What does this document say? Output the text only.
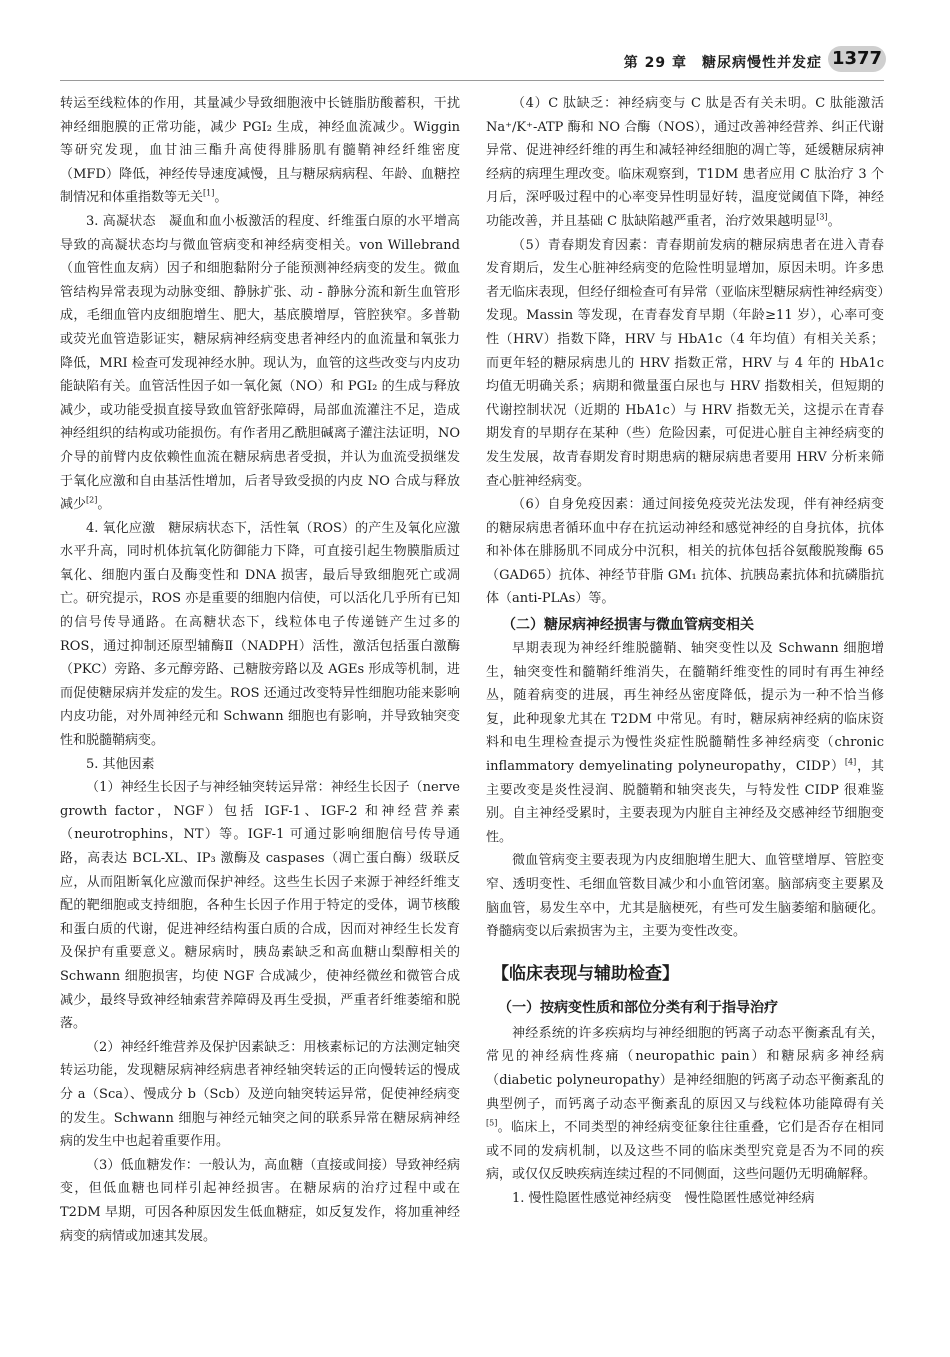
第 29 章　糖尿病慢性并发症 1377

转运至线粒体的作用，其量减少导致细胞液中长链脂肪酸蓄积，干扰神经细胞膜的正常功能，减少 PGI₂ 生成，神经血流减少。Wiggin 等研究发现，血甘油三酯升高使得腓肠肌有髓鞘神经纤维密度（MFD）降低，神经传导速度减慢，且与糖尿病病程、年龄、血糖控制情况和体重指数等无关[1]。

3. 高凝状态　凝血和血小板激活的程度、纤维蛋白原的水平增高导致的高凝状态均与微血管病变和神经病变相关。von Willebrand（血管性血友病）因子和细胞黏附分子能预测神经病变的发生。微血管结构异常表现为动脉变细、静脉扩张、动 - 静脉分流和新生血管形成，毛细血管内皮细胞增生、肥大，基底膜增厚，管腔狭窄。多普勒或荧光血管造影证实，糖尿病神经病变患者神经内的血流量和氧张力降低，MRI 检查可发现神经水肿。现认为，血管的这些改变与内皮功能缺陷有关。血管活性因子如一氧化氮（NO）和 PGI₂ 的生成与释放减少，或功能受损直接导致血管舒张障碍，局部血流灌注不足，造成神经组织的结构或功能损伤。有作者用乙酰胆碱离子灌注法证明，NO 介导的前臂内皮依赖性血流在糖尿病患者受损，并认为血流受损继发于氧化应激和自由基活性增加，后者导致受损的内皮 NO 合成与释放减少[2]。

4. 氧化应激　糖尿病状态下，活性氧（ROS）的产生及氧化应激水平升高，同时机体抗氧化防御能力下降，可直接引起生物膜脂质过氧化、细胞内蛋白及酶变性和 DNA 损害，最后导致细胞死亡或凋亡。研究提示，ROS 亦是重要的细胞内信使，可以活化几乎所有已知的信号传导通路。在高糖状态下，线粒体电子传递链产生过多的 ROS，通过抑制还原型辅酶Ⅱ（NADPH）活性，激活包括蛋白激酶（PKC）旁路、多元醇旁路、己糖胺旁路以及 AGEs 形成等机制，进而促使糖尿病并发症的发生。ROS 还通过改变特异性细胞功能来影响内皮功能，对外周神经元和 Schwann 细胞也有影响，并导致轴突变性和脱髓鞘病变。

5. 其他因素

（1）神经生长因子与神经轴突转运异常：神经生长因子（nerve growth factor，NGF）包括 IGF-1、IGF-2 和神经营养素（neurotrophins，NT）等。IGF-1 可通过影响细胞信号传导通路，高表达 BCL-XL、IP₃ 激酶及 caspases（凋亡蛋白酶）级联反应，从而阻断氧化应激而保护神经。这些生长因子来源于神经纤维支配的靶细胞或支持细胞，各种生长因子作用于特定的受体，调节核酸和蛋白质的代谢，促进神经结构蛋白质的合成，因而对神经生长发育及保护有重要意义。糖尿病时，胰岛素缺乏和高血糖山梨醇相关的 Schwann 细胞损害，均使 NGF 合成减少，使神经微丝和微管合成减少，最终导致神经轴索营养障碍及再生受损，严重者纤维萎缩和脱落。

（2）神经纤维营养及保护因素缺乏：用核素标记的方法测定轴突转运功能，发现糖尿病神经病患者神经轴突转运的正向慢转运的慢成分 a（Sca）、慢成分 b（Scb）及逆向轴突转运异常，促使神经病变的发生。Schwann 细胞与神经元轴突之间的联系异常在糖尿病神经病的发生中也起着重要作用。

（3）低血糖发作：一般认为，高血糖（直接或间接）导致神经病变，但低血糖也同样引起神经损害。在糖尿病的治疗过程中或在 T2DM 早期，可因各种原因发生低血糖症，如反复发作，将加重神经病变的病情或加速其发展。

（4）C 肽缺乏：神经病变与 C 肽是否有关未明。C 肽能激活 Na⁺/K⁺-ATP 酶和 NO 合酶（NOS），通过改善神经营养、纠正代谢异常、促进神经纤维的再生和减轻神经细胞的凋亡等，延缓糖尿病神经病的病理生理改变。临床观察到，T1DM 患者应用 C 肽治疗 3 个月后，深呼吸过程中的心率变异性明显好转，温度觉阈值下降，神经功能改善，并且基础 C 肽缺陷越严重者，治疗效果越明显[3]。

（5）青春期发育因素：青春期前发病的糖尿病患者在进入青春发育期后，发生心脏神经病变的危险性明显增加，原因未明。许多患者无临床表现，但经仔细检查可有异常（亚临床型糖尿病性神经病变）发现。Massin 等发现，在青春发育早期（年龄≥11 岁），心率可变性（HRV）指数下降，HRV 与 HbA1c（4 年均值）有相关关系；而更年轻的糖尿病患儿的 HRV 指数正常，HRV 与 4 年的 HbA1c 均值无明确关系；病期和微量蛋白尿也与 HRV 指数相关，但短期的代谢控制状况（近期的 HbA1c）与 HRV 指数无关，这提示在青春期发育的早期存在某种（些）危险因素，可促进心脏自主神经病变的发生发展，故青春期发育时期患病的糖尿病患者要用 HRV 分析来筛查心脏神经病变。

（6）自身免疫因素：通过间接免疫荧光法发现，伴有神经病变的糖尿病患者循环血中存在抗运动神经和感觉神经的自身抗体，抗体和补体在腓肠肌不同成分中沉积，相关的抗体包括谷氨酸脱羧酶 65（GAD65）抗体、神经节苷脂 GM₁ 抗体、抗胰岛素抗体和抗磷脂抗体（anti-PLAs）等。

（二）糖尿病神经损害与微血管病变相关

早期表现为神经纤维脱髓鞘、轴突变性以及 Schwann 细胞增生，轴突变性和髓鞘纤维消失，在髓鞘纤维变性的同时有再生神经丛，随着病变的进展，再生神经丛密度降低，提示为一种不恰当修复，此种现象尤其在 T2DM 中常见。有时，糖尿病神经病的临床资料和电生理检查提示为慢性炎症性脱髓鞘性多神经病变（chronic inflammatory demyelinating polyneuropathy，CIDP）[4]，其主要改变是炎性浸润、脱髓鞘和轴突丧失，与特发性 CIDP 很难鉴别。自主神经受累时，主要表现为内脏自主神经及交感神经节细胞变性。

微血管病变主要表现为内皮细胞增生肥大、血管壁增厚、管腔变窄、透明变性、毛细血管数目减少和小血管闭塞。脑部病变主要累及脑血管，易发生卒中，尤其是脑梗死，有些可发生脑萎缩和脑硬化。脊髓病变以后索损害为主，主要为变性改变。

【临床表现与辅助检查】
（一）按病变性质和部位分类有利于指导治疗

神经系统的许多疾病均与神经细胞的钙离子动态平衡紊乱有关，常见的神经病性疼痛（neuropathic pain）和糖尿病多神经病（diabetic polyneuropathy）是神经细胞的钙离子动态平衡紊乱的典型例子，而钙离子动态平衡紊乱的原因又与线粒体功能障碍有关[5]。临床上，不同类型的神经病变征象往往重叠，它们是否存在相同或不同的发病机制，以及这些不同的临床类型究竟是否为不同的疾病，或仅仅反映疾病连续过程的不同侧面，这些问题仍无明确解释。

1. 慢性隐匿性感觉神经病变　慢性隐匿性感觉神经病
